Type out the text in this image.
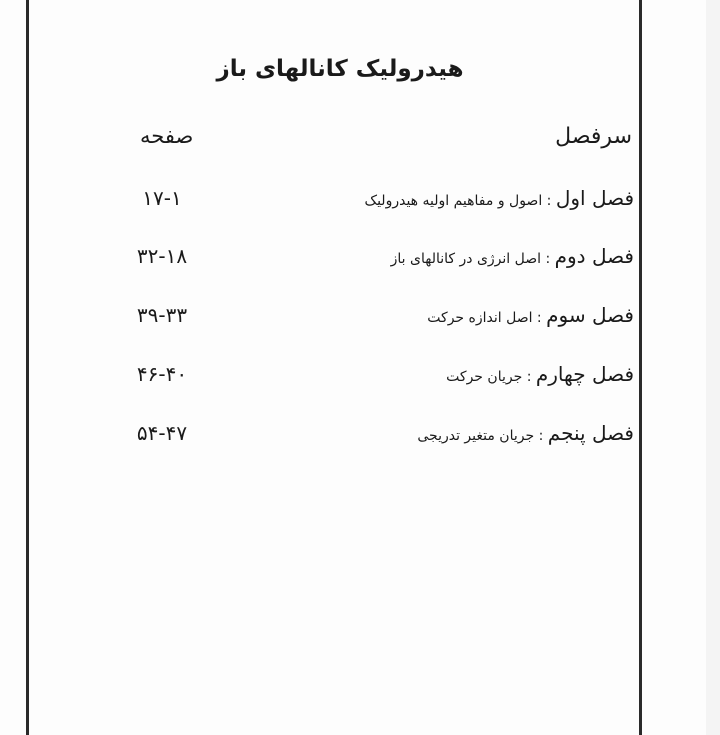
هیدرولیک کانالهای باز
سرفصل
صفحه
فصل اول : اصول و مفاهیم اولیه هیدرولیک
۱۷-۱
فصل دوم : اصل انرژی در کانالهای باز
۳۲-۱۸
فصل سوم : اصل اندازه حرکت
۳۹-۳۳
فصل چهارم : جریان حرکت
۴۶-۴۰
فصل پنجم : جریان متغیر تدریجی
۵۴-۴۷
